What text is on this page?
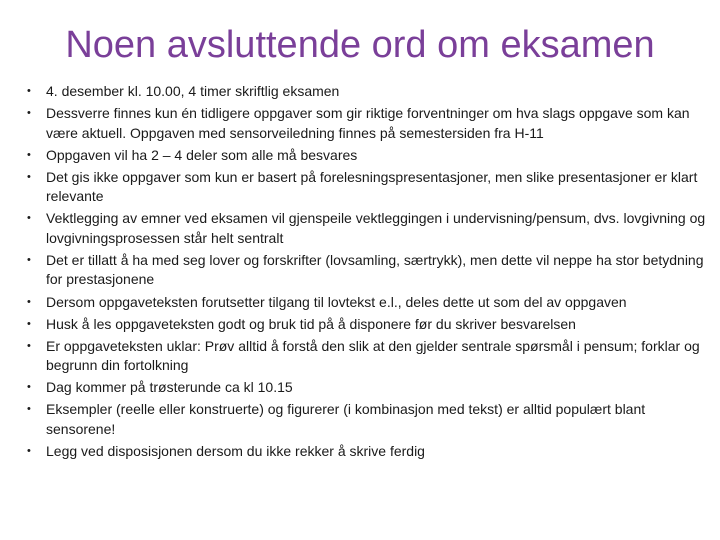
Noen avsluttende ord om eksamen
• 4. desember kl. 10.00, 4 timer skriftlig eksamen
• Dessverre finnes kun én tidligere oppgaver som gir riktige forventninger om hva slags oppgave som kan være aktuell. Oppgaven med sensorveiledning finnes på semestersiden fra H-11
• Oppgaven vil ha 2 – 4 deler som alle må besvares
• Det gis ikke oppgaver som kun er basert på forelesningspresentasjoner, men slike presentasjoner er klart relevante
• Vektlegging av emner ved eksamen vil gjenspeile vektleggingen i undervisning/pensum, dvs. lovgivning og lovgivningsprosessen står helt sentralt
• Det er tillatt å ha med seg lover og forskrifter (lovsamling, særtrykk), men dette vil neppe ha stor betydning for prestasjonene
• Dersom oppgaveteksten forutsetter tilgang til lovtekst e.l., deles dette ut som del av oppgaven
• Husk å les oppgaveteksten godt og bruk tid på å disponere før du skriver besvarelsen
• Er oppgaveteksten uklar: Prøv alltid å forstå den slik at den gjelder sentrale spørsmål i pensum; forklar og begrunn din fortolkning
• Dag kommer på trøsterunde ca kl 10.15
• Eksempler (reelle eller konstruerte) og figurerer (i kombinasjon med tekst) er alltid populært blant sensorene!
• Legg ved disposisjonen dersom du ikke rekker å skrive ferdig
